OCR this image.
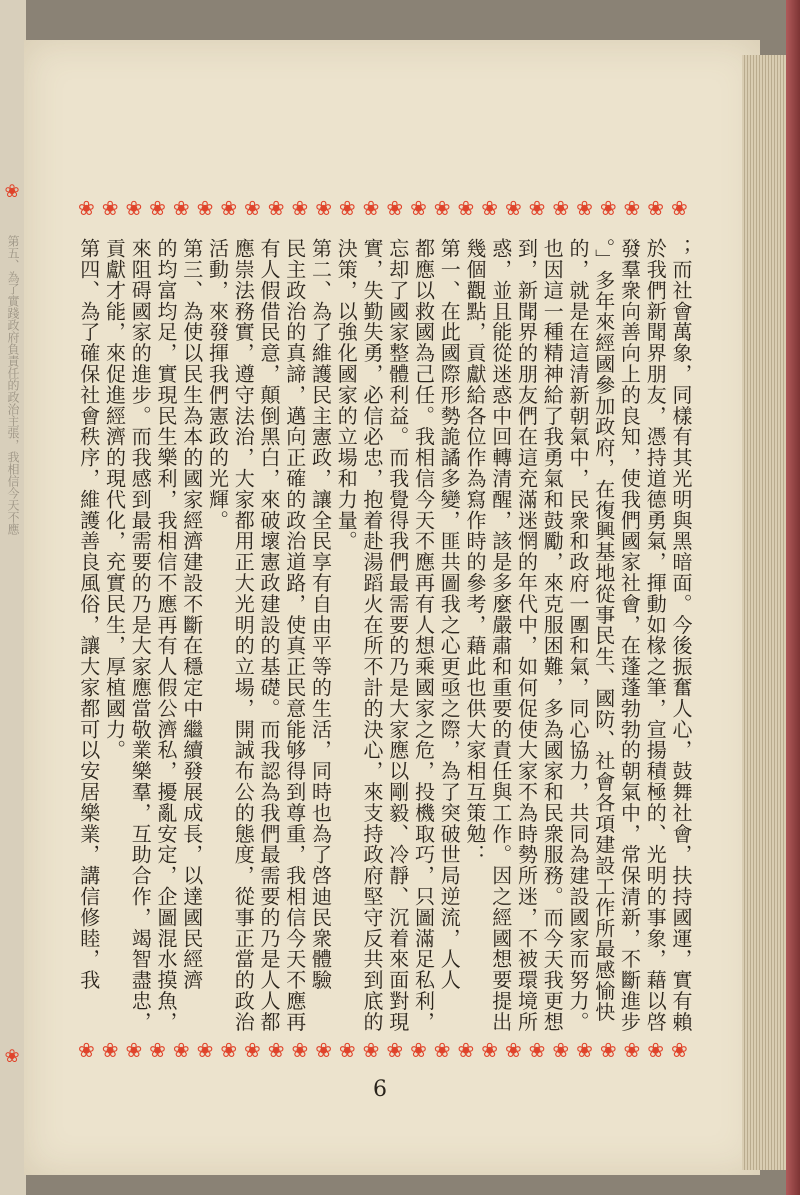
第五、為了實踐政府負責任的政治主張，我相信今天不應
❀
❀
❀ ❀ ❀ ❀ ❀ ❀ ❀ ❀ ❀ ❀ ❀ ❀ ❀ ❀ ❀ ❀ ❀ ❀ ❀ ❀ ❀ ❀ ❀ ❀ ❀ ❀
；而社會萬象，同樣有其光明與黑暗面。今後振奮人心，鼓舞社會，扶持國運，實有賴
於我們新聞界朋友，憑持道德勇氣，揮動如椽之筆，宣揚積極的、光明的事象，藉以啓
發羣衆向善向上的良知，使我們國家社會，在蓬蓬勃勃的朝氣中，常保清新，不斷進步
。」多年來經國參加政府，在復興基地從事民生、國防、社會各項建設工作所最感愉快
的，就是在這清新朝氣中，民衆和政府一團和氣，同心協力，共同為建設國家而努力。
也因這一種精神給了我勇氣和鼓勵，來克服困難，多為國家和民衆服務。而今天我更想
到，新聞界的朋友們在這充滿迷惘的年代中，如何促使大家不為時勢所迷，不被環境所
惑，並且能從迷惑中回轉清醒，該是多麼嚴肅和重要的責任與工作。因之經國想要提出
幾個觀點，貢獻給各位作為寫作時的參考，藉此也供大家相互策勉：
第一、在此國際形勢詭譎多變，匪共圖我之心更亟之際，為了突破世局逆流，人人
都應以救國為己任。我相信今天不應再有人想乘國家之危，投機取巧，只圖滿足私利，
忘却了國家整體利益。而我覺得我們最需要的乃是大家應以剛毅、冷靜、沉着來面對現
實，失勤失勇，必信必忠，抱着赴湯蹈火在所不計的決心，來支持政府堅守反共到底的
決策，以強化國家的立場和力量。
第二、為了維護民主憲政，讓全民享有自由平等的生活，同時也為了啓迪民衆體驗
民主政治的真諦，邁向正確的政治道路，使真正民意能够得到尊重，我相信今天不應再
有人假借民意，顛倒黑白，來破壞憲政建設的基礎。而我認為我們最需要的乃是人人都
應崇法務實，遵守法治，大家都用正大光明的立場，開誠布公的態度，從事正當的政治
活動，來發揮我們憲政的光輝。
第三、為使以民生為本的國家經濟建設不斷在穩定中繼續發展成長，以達國民經濟
的均富均足，實現民生樂利，我相信不應再有人假公濟私，擾亂安定，企圖混水摸魚，
來阻碍國家的進步。而我感到最需要的乃是大家應當敬業樂羣，互助合作，竭智盡忠，
貢獻才能，來促進經濟的現代化，充實民生，厚植國力。
第四、為了確保社會秩序，維護善良風俗，讓大家都可以安居樂業，講信修睦，我
❀ ❀ ❀ ❀ ❀ ❀ ❀ ❀ ❀ ❀ ❀ ❀ ❀ ❀ ❀ ❀ ❀ ❀ ❀ ❀ ❀ ❀ ❀ ❀ ❀ ❀
6
